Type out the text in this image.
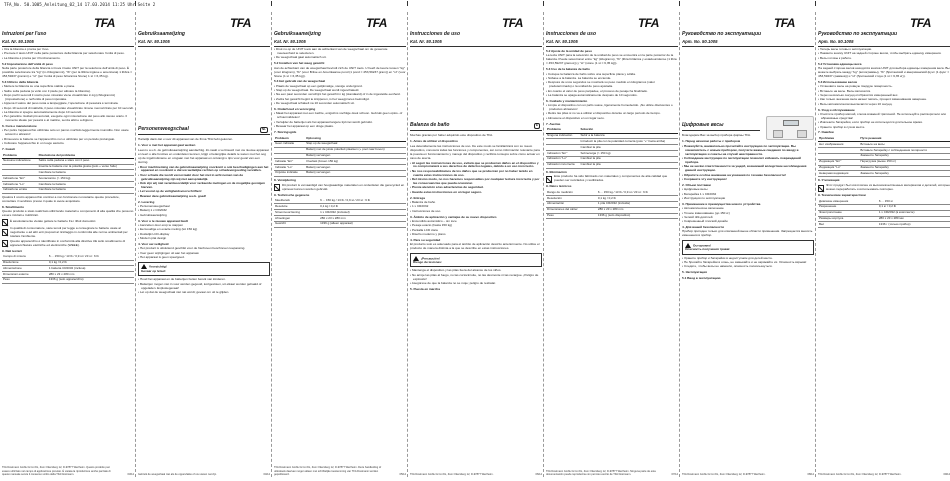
TFA_No. 50.1005_Anleitung_02_14 17.03.2014 11:25 Uhr Seite 2
TFA
Istruzioni per l'uso
Kat. Nr. 50.1005
• Ora la bilancia è pronta per l'uso.
• Premete il tasto UNIT nella parte posteriore della bilancia per selezionare l'unità di peso.
• La bilancia è pronta per il funzionamento.
5.2 Impostazione dell'unità di peso
Nella parte posteriore della bilancia si trova il tasto UNIT per la selezione dell'unità di peso. È possibile selezionare tra "kg" (in chilogrammi), "lb" (per la libbra inglese e americana) 1 libbra = 453,59237 grammi) e "st" (per l'unità di peso britannica Stone) 1 st = 6,35 kg).
5.3 Utilizzo della bilancia
• Mettere la bilancia su una superficie stabile e piana.
• Salire sulla pedana (a volto con il piede per attivare la bilancia).
• Dopo pochi secondi il vostro peso misurato viene visualizzato in kg (chilogrammi) (impostazione) e nell'unità di peso impostata.
• Appena il valore del peso resta a lampeggiare, l'operazione di pesatura è terminata.
• Dopo 10 secondi di inattività, il peso misurato visualizzato rimane memorizzato per 10 secondi.
• La bilancia si spegne automaticamente dopo 10 secondi.
• Per garantire risultati più accurati, eseguire ogni misurazione del peso allo stesso orario. Il momento ideale per pesarsi è al mattino, senza abiti e a digiuno.
6. Cura e manutenzione
• Per pulire l'apparecchio utilizzate solo un panno morbido leggermente inumidito. Non usare solventi o abrasivi!
• Rimuovere le batterie se l'apparecchio non è utilizzato per un periodo prolungato.
• Collocare l'apparecchio in un luogo asciutto.
7. Guasti
Problema	Risoluzione del problema
Nessuna indicazione	Salire sulla pedana e stare con il peso
	Inserite le batterie con la polarità giusta (polo + verso l'alto)
	Cambiare la batteria
Indicazione "Err"	Sovraccarico (> 150 kg)
Indicazione "Lo"	Cambiare la batteria
Indicazione errata	Cambiare la batteria
Qualora il vostro apparecchio continui a non funzionare nonostante queste procedure, consultare il venditore presso il quale lo avete acquistato.
8. Smaltimento
Questo prodotto è stato realizzato utilizzando materiali e componenti di alta qualità che possono essere riciclati e riutilizzati.
È assolutamente vietato gettare le batterie fra i rifiuti domestici.
In qualità di consumatore, siete tenuti per legge a consegnare le batterie usate al negoziante o ad altri enti preposti al riciclaggio in conformità alle norme ambientali per tutelare l'ambiente.
Questo apparecchio è identificato in conformità alla direttiva UE sullo smaltimento di apparecchiature elettriche ed elettroniche (WEEE).
9. Dati tecnici
Campo di misura	6 ... 150 kg / 13 lb / 0,9 st / 23 st : 6 lb
Risoluzione	0,1 kg / 0,2 lb
Alimentazione	1 batteria CR2032 (inclusa)
Dimensioni esterne	280 x 23 x 280 mm
Peso	1336 g (solo apparecchio)
TFA Dostmann GmbH & Co.KG, Zum Ottersberg 12, D-97877 Wertheim. Questo prodotto può essere utilizzato nel campo di applicazione previsto. È vietata la riproduzione anche parziale di questo manuale senza il consenso scritto della TFA Dostmann.	03/14
TFA
Gebruiksaanwijzing
Kat. Nr. 50.1005
NL
Personenweegschaal
Hartelijk dank dat u voor dit apparaat van de firma TFA hebt gekozen.
1. Voor u met het apparaat gaat werken
Leest u a.u.b. de gebruiksaanwijzing aandachtig. Zo raakt u vertrouwd met uw nieuwe apparaat en leert u alle functies en onderdelen kennen, krijgt u belangrijke details te weten met het oog op de ingebruikname en omgaan met het apparaat en ontvangt u tips voor geval van een storing.
• Door inachtneming van de gebruiksaanwijzing voorkomt u ook beschadigingen aan het apparaat en voorkomt u dat uw wettelijke rechten op schadevergoeding vervallen.
• Voor schade die wordt veroorzaakt door het niet in acht nemen van de gebruiksaanwijzing zijn wij niet aansprakelijk.
• Ook zijn wij niet verantwoordelijk voor verkeerde metingen en de mogelijke gevolgen hiervan.
• Let vooral op de veiligheidsvoorschriften!
• Bewaar deze gebruiksaanwijzing a.u.b. goed!
2. Levering
• Personenweegschaal
• Batterij 1 x CR2032
• Gebruiksaanwijzing
3. Voor u te nieuwe apparaat biedt
• Aanzetten door erop te stappen
• Eenvoudige en exacte meting (tot 150 kg)
• Duidelijk LCD-display
• Modern plat design
4. Voor uw veiligheid
• Het product is uitsluitend geschikt voor de hierboven beschreven toepassing.
• Voer geen wijzigingen uit aan het apparaat.
• Het apparaat is geen speelgoed.
Voorzichtig!
Gevaar op letsel:
• Houd het apparaat en de batterijen buiten bereik van kinderen.
• Batterijen mogen niet in vuur worden gegooid, kortgesloten, uit elkaar worden gehaald of opgeladen. Explosiegevaar!
• Let op dat de weegschaal niet nat wordt; gevaar om uit te glijden.
Gebruik de weegschaal niet als de oppervlakte of uw voeten nat zijn.	04/14
TFA
Gebruiksaanwijzing
Kat. Nr. 50.1005
• Druk nu op de UNIT toets aan de achterkant van de weegschaal om de gewenste meeteenheid te selecteren.
• De weegschaal gaat automatisch uit.
5.2 Instellen van het weeg gewicht
Aan de achterkant van de weegschaal bevindt zich de UNIT toets. U heeft de keuze tussen "kg" (voor kilogram), "lb" (voor Britse en Amerikaanse pond (1 pond = 453,59237 gram)) en "st" (voor Stone (1 st = 6,35 kg)).
5.3 Het gebruik van de weegschaal
• Plaats de weegschaal op een gelijkmatige, stevige ondergrond.
• Stap op de weegschaal. De weegschaal wordt ingeschakeld.
• Na een paar seconden verschijnt het gewicht in kg (standaard) of in de ingestelde eenheid.
• Zodra het gewicht begint te knipperen, is het weegproces beëindigd.
• De weegschaal schakelt na 10 seconden automatisch uit.
6. Onderhoud en verzorging
• Maak het apparaat met een zachte, enigszins vochtige doek schoon. Gebruik geen oplos- of schuurmiddelen!
• Verwijder de batterijen als het apparaat langere tijd niet wordt gebruikt.
• Bewaar het apparaat op een droge plaats.
7. Storingsgids
Probleem	Oplossing
Geen indicatie	Stap op de weegschaal
	Batterij met de juiste polariteit plaatsen (+ pool naar boven)
	Batterij vervangen
Indicatie "Err"	Overlast (boven 150 kg)
Indicatie "Lo"	Batterij vervangen
Onjuiste indicatie	Batterij vervangen
8. Verwijdering
Dit product is vervaardigd van hoogwaardige materialen en onderdelen die gerecycled en opnieuw kunnen worden gebruikt.
9. Technische gegevens
Meetbereik	6 ... 150 kg / 13 lb / 0,9 st / 23 st : 6 lb
Resolutie	0,1 kg / 0,2 lb
Stroomvoorziening	1 x CR2032 (inclusief)
Afmetingen	280 x 23 x 280 mm
Gewicht	1336 g (alleen apparaat)
TFA Dostmann GmbH & Co.KG, Zum Ottersberg 12, D-97877 Wertheim. Deze handleiding of uittreksels daarvan mogen alleen met schriftelijke toestemming van TFA Dostmann worden gepubliceerd.	05/14
TFA
Instrucciones de uso
Kat. Nr. 50.1005
E
Balanza de baño
Muchas gracias por haber adquirido este dispositivo de TFA.
1. Antes de utilizar el dispositivo
Lea detenidamente las instrucciones de uso. De este modo se familiarizará con su nuevo dispositivo, conocerá todas las funciones y componentes, así como información relevante para la puesta en funcionamiento y manejo del dispositivo y recibirá consejos sobre cómo actuar en caso de avería.
• Al seguir las instrucciones de uso, evitará que se produzcan daños en el dispositivo y no comprometerá a sus derechos de defectos legales, debido a un uso incorrecto.
• No nos responsabilizamos de los daños que se produzcan por no haber tenido en cuenta estas instrucciones de uso.
• Del mismo modo, no nos hacemos responsables por cualquier lectura incorrecta y por las consecuencias que pueda ocasionar.
• Preste atención a las advertencias de seguridad.
• Guarde estas instrucciones en un lugar seguro.
2. Entrega
• Balanza de baño
• 1 x CR2032
• Instrucciones de uso
3. Ámbito de aplicación y ventajas de su nuevo dispositivo
• Encendido automático – sin toce
• Pesaje exacto (hasta 150 kg)
• Pantalla LCD clara
• Diseño moderno y plano
4. Para su seguridad
El producto solo es adecuado para el ámbito de aplicación descrito anteriormente. No utilice el producto de manera distinta a la que se describe en estas instrucciones.
¡Precaución!
Riesgo de lesiones:
• Mantenga el dispositivo y las pilas fuera del alcance de los niños.
• No arroje las pilas al fuego, no las cortocircuite, no las desmonte ni las recargue. ¡Peligro de explosión!
• Asegúrese de que la balanza no se moje; peligro de resbalar.
5. Puesta en marcha
TFA Dostmann GmbH & Co.KG, Zum Ottersberg 12, D-97877 Wertheim.	06/14
TFA
Instrucciones de uso
Kat. Nr. 50.1005
5.2 Ajuste de la unidad de peso
La tecla UNIT para la selección de la unidad de peso se encuentra en la parte posterior de la balanza. Puede seleccionar entre "kg" (kilogramo), "lb" (libra británica y estadounidense (1 libra = 453,59237 gramos)) y "st" (stone (1 st = 6,35 kg)).
5.3 Uso de la balanza de baño
• Coloque la balanza de baño sobre una superficie plana y sólida.
• Súbase a la balanza. La balanza se enciende.
• Después de unos segundos se mostrará su peso medido en kilogramos (valor predeterminado) o la unidad de peso ajustada.
• En cuanto el valor de peso parpadee, el proceso de pesaje ha finalizado.
• La balanza se apaga automáticamente después de 10 segundos.
6. Cuidado y mantenimiento
• Limpie el dispositivo con un paño suave, ligeramente humedecido. ¡No utilice disolventes o productos abrasivos!
• Retire las pilas si no va a utilizar el dispositivo durante un largo periodo de tiempo.
• Almacene el dispositivo en un lugar seco.
7. Averías
Problema	Solución
Ninguna indicación	Subir a la balanza
	Introducir la pila con la polaridad correcta (polo "+" hacia arriba)
	Cambiar la pila
Indicación "Err"	Sobrecarga (> 150 kg)
Indicación "Lo"	Cambiar la pila
Indicación incorrecta	Cambiar la pila
8. Eliminación
Este producto ha sido fabricado con materiales y componentes de alta calidad que pueden ser reciclados y reutilizados.
9. Datos técnicos
Rango de medición	6 ... 150 kg / 13 lb / 0,9 st / 23 st : 6 lb
Resolución	0,1 kg / 0,2 lb
Alimentación	1 pila CR2032 (incluida)
Dimensiones del cárter	280 x 23 x 280 mm
Peso	1336 g (solo dispositivo)
TFA Dostmann GmbH & Co.KG, Zum Ottersberg 12, D-97877 Wertheim. Ninguna parte de esta documentación puede reproducirse sin permiso escrito de TFA Dostmann.	07/14
TFA
Руководство по эксплуатации
Арт. No. 50.1005
Цифровые весы
Благодарим Вас за выбор прибора фирмы TFA.
1. Перед началом работы с прибором
• Пожалуйста, внимательно прочитайте инструкцию по эксплуатации. Вы ознакомитесь с новым прибором, получите важные сведения по вводу в эксплуатацию и советы на случай неисправности.
• Соблюдение инструкции по эксплуатации позволит избежать повреждений прибора.
• Мы не несём ответственности за ущерб, возникший вследствие несоблюдения данной инструкции.
• Обратите особое внимание на указания по технике безопасности!
• Сохраните эту инструкцию!
2. Объем поставки
• Цифровые весы
• Батарейка 1 x CR2032
• Инструкция по эксплуатации
3. Применение и преимущества нового устройства
• Автоматическое включение
• Точное взвешивание (до 150 кг)
• Четкий ЖК-дисплей
• Современный плоский дизайн
4. Для вашей безопасности
Прибор пригоден только для описанной выше области применения. Запрещается вносить изменения в прибор.
Осторожно!
Опасность получения травм:
• Храните прибор и батарейки в недоступном для детей месте.
• Не бросайте батарейки в огонь, не замыкайте и не заряжайте их. Опасность взрыва!
• Следите, чтобы весы не намокли, опасность поскользнуться.
5. Эксплуатация
5.1 Ввод в эксплуатацию
TFA Dostmann GmbH & Co.KG, Zum Ottersberg 12, D-97877 Wertheim.	08/14
TFA
Руководство по эксплуатации
Арт. No. 50.1005
• Теперь весы готовы к эксплуатации.
• Нажмите кнопку UNIT на задней стороне весов, чтобы выбрать единицу измерения.
• Весы готовы к работе.
5.2 Установка единицы веса
На задней стороне весов находится кнопка UNIT для выбора единицы измерения веса. Вы можете выбрать между "kg" (килограммы), "lb" (британский и американский фунт (1 фунт = 453,59237 граммов)) и "st" (британский стоун (1 st = 6,35 кг)).
5.3 Использование весов
• Установите весы на ровную твердую поверхность.
• Встаньте на весы. Весы включатся.
• Через несколько секунд отобразится измеренный вес.
• Как только значение веса начнет мигать, процесс взвешивания завершен.
• Весы автоматически выключатся через 10 секунд.
6. Уход и обслуживание
• Очистите прибор мягкой, слегка влажной тряпочкой. Не используйте растворители или абразивные средства!
• Извлеките батарейки, если прибор не используется длительное время.
• Храните прибор в сухом месте.
7. Ошибки
Проблема	Пути решения
Нет изображения	Встаньте на весы
	Вставьте батарейку с соблюдением полярности
	Замените батарейку
Индикация "Err"	Перегрузка (выше 150 кг)
Индикация "Lo"	Замените батарейку
Неверная индикация	Замените батарейку
8. Утилизация
Этот продукт был изготовлен из высококачественных материалов и деталей, которые можно переработать и использовать повторно.
9. Технические характеристики
Диапазон измерения	6 ... 150 кг
Разрешение	0,1 кг / 0,2 lb
Электропитание	1 x CR2032 (в комплекте)
Размеры корпуса	280 x 23 x 280 мм
Вес	1336 г (только прибор)
TFA Dostmann GmbH & Co.KG, Zum Ottersberg 12, D-97877 Wertheim.	09/14
